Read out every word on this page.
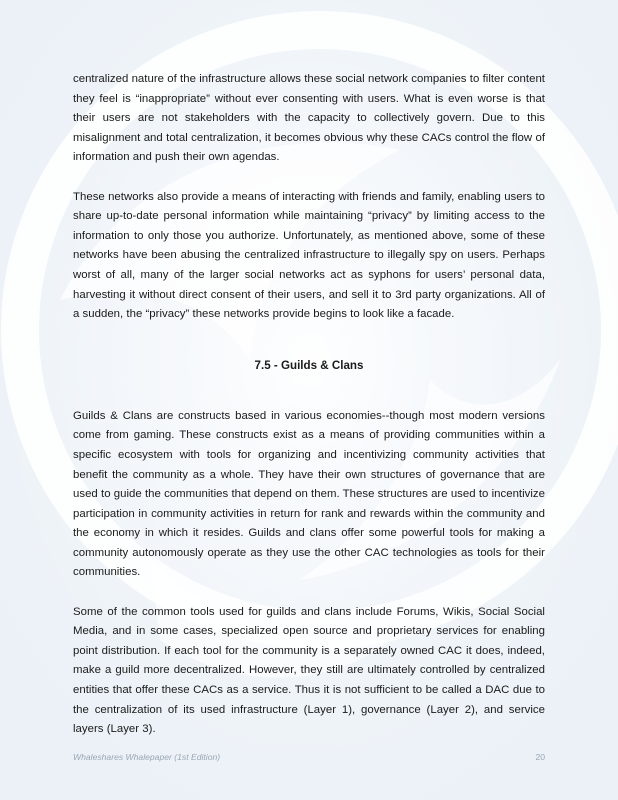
centralized nature of the infrastructure allows these social network companies to filter content they feel is “inappropriate” without ever consenting with users. What is even worse is that their users are not stakeholders with the capacity to collectively govern. Due to this misalignment and total centralization, it becomes obvious why these CACs control the flow of information and push their own agendas.

These networks also provide a means of interacting with friends and family, enabling users to share up-to-date personal information while maintaining “privacy” by limiting access to the information to only those you authorize. Unfortunately, as mentioned above, some of these networks have been abusing the centralized infrastructure to illegally spy on users. Perhaps worst of all, many of the larger social networks act as syphons for users’ personal data, harvesting it without direct consent of their users, and sell it to 3rd party organizations. All of a sudden, the “privacy” these networks provide begins to look like a facade.

7.5 - Guilds & Clans

Guilds & Clans are constructs based in various economies--though most modern versions come from gaming. These constructs exist as a means of providing communities within a specific ecosystem with tools for organizing and incentivizing community activities that benefit the community as a whole. They have their own structures of governance that are used to guide the communities that depend on them. These structures are used to incentivize participation in community activities in return for rank and rewards within the community and the economy in which it resides. Guilds and clans offer some powerful tools for making a community autonomously operate as they use the other CAC technologies as tools for their communities.

Some of the common tools used for guilds and clans include Forums, Wikis, Social Social Media, and in some cases, specialized open source and proprietary services for enabling point distribution. If each tool for the community is a separately owned CAC it does, indeed, make a guild more decentralized. However, they still are ultimately controlled by centralized entities that offer these CACs as a service. Thus it is not sufficient to be called a DAC due to the centralization of its used infrastructure (Layer 1), governance (Layer 2), and service layers (Layer 3).

Whaleshares Whalepaper (1st Edition)	20
